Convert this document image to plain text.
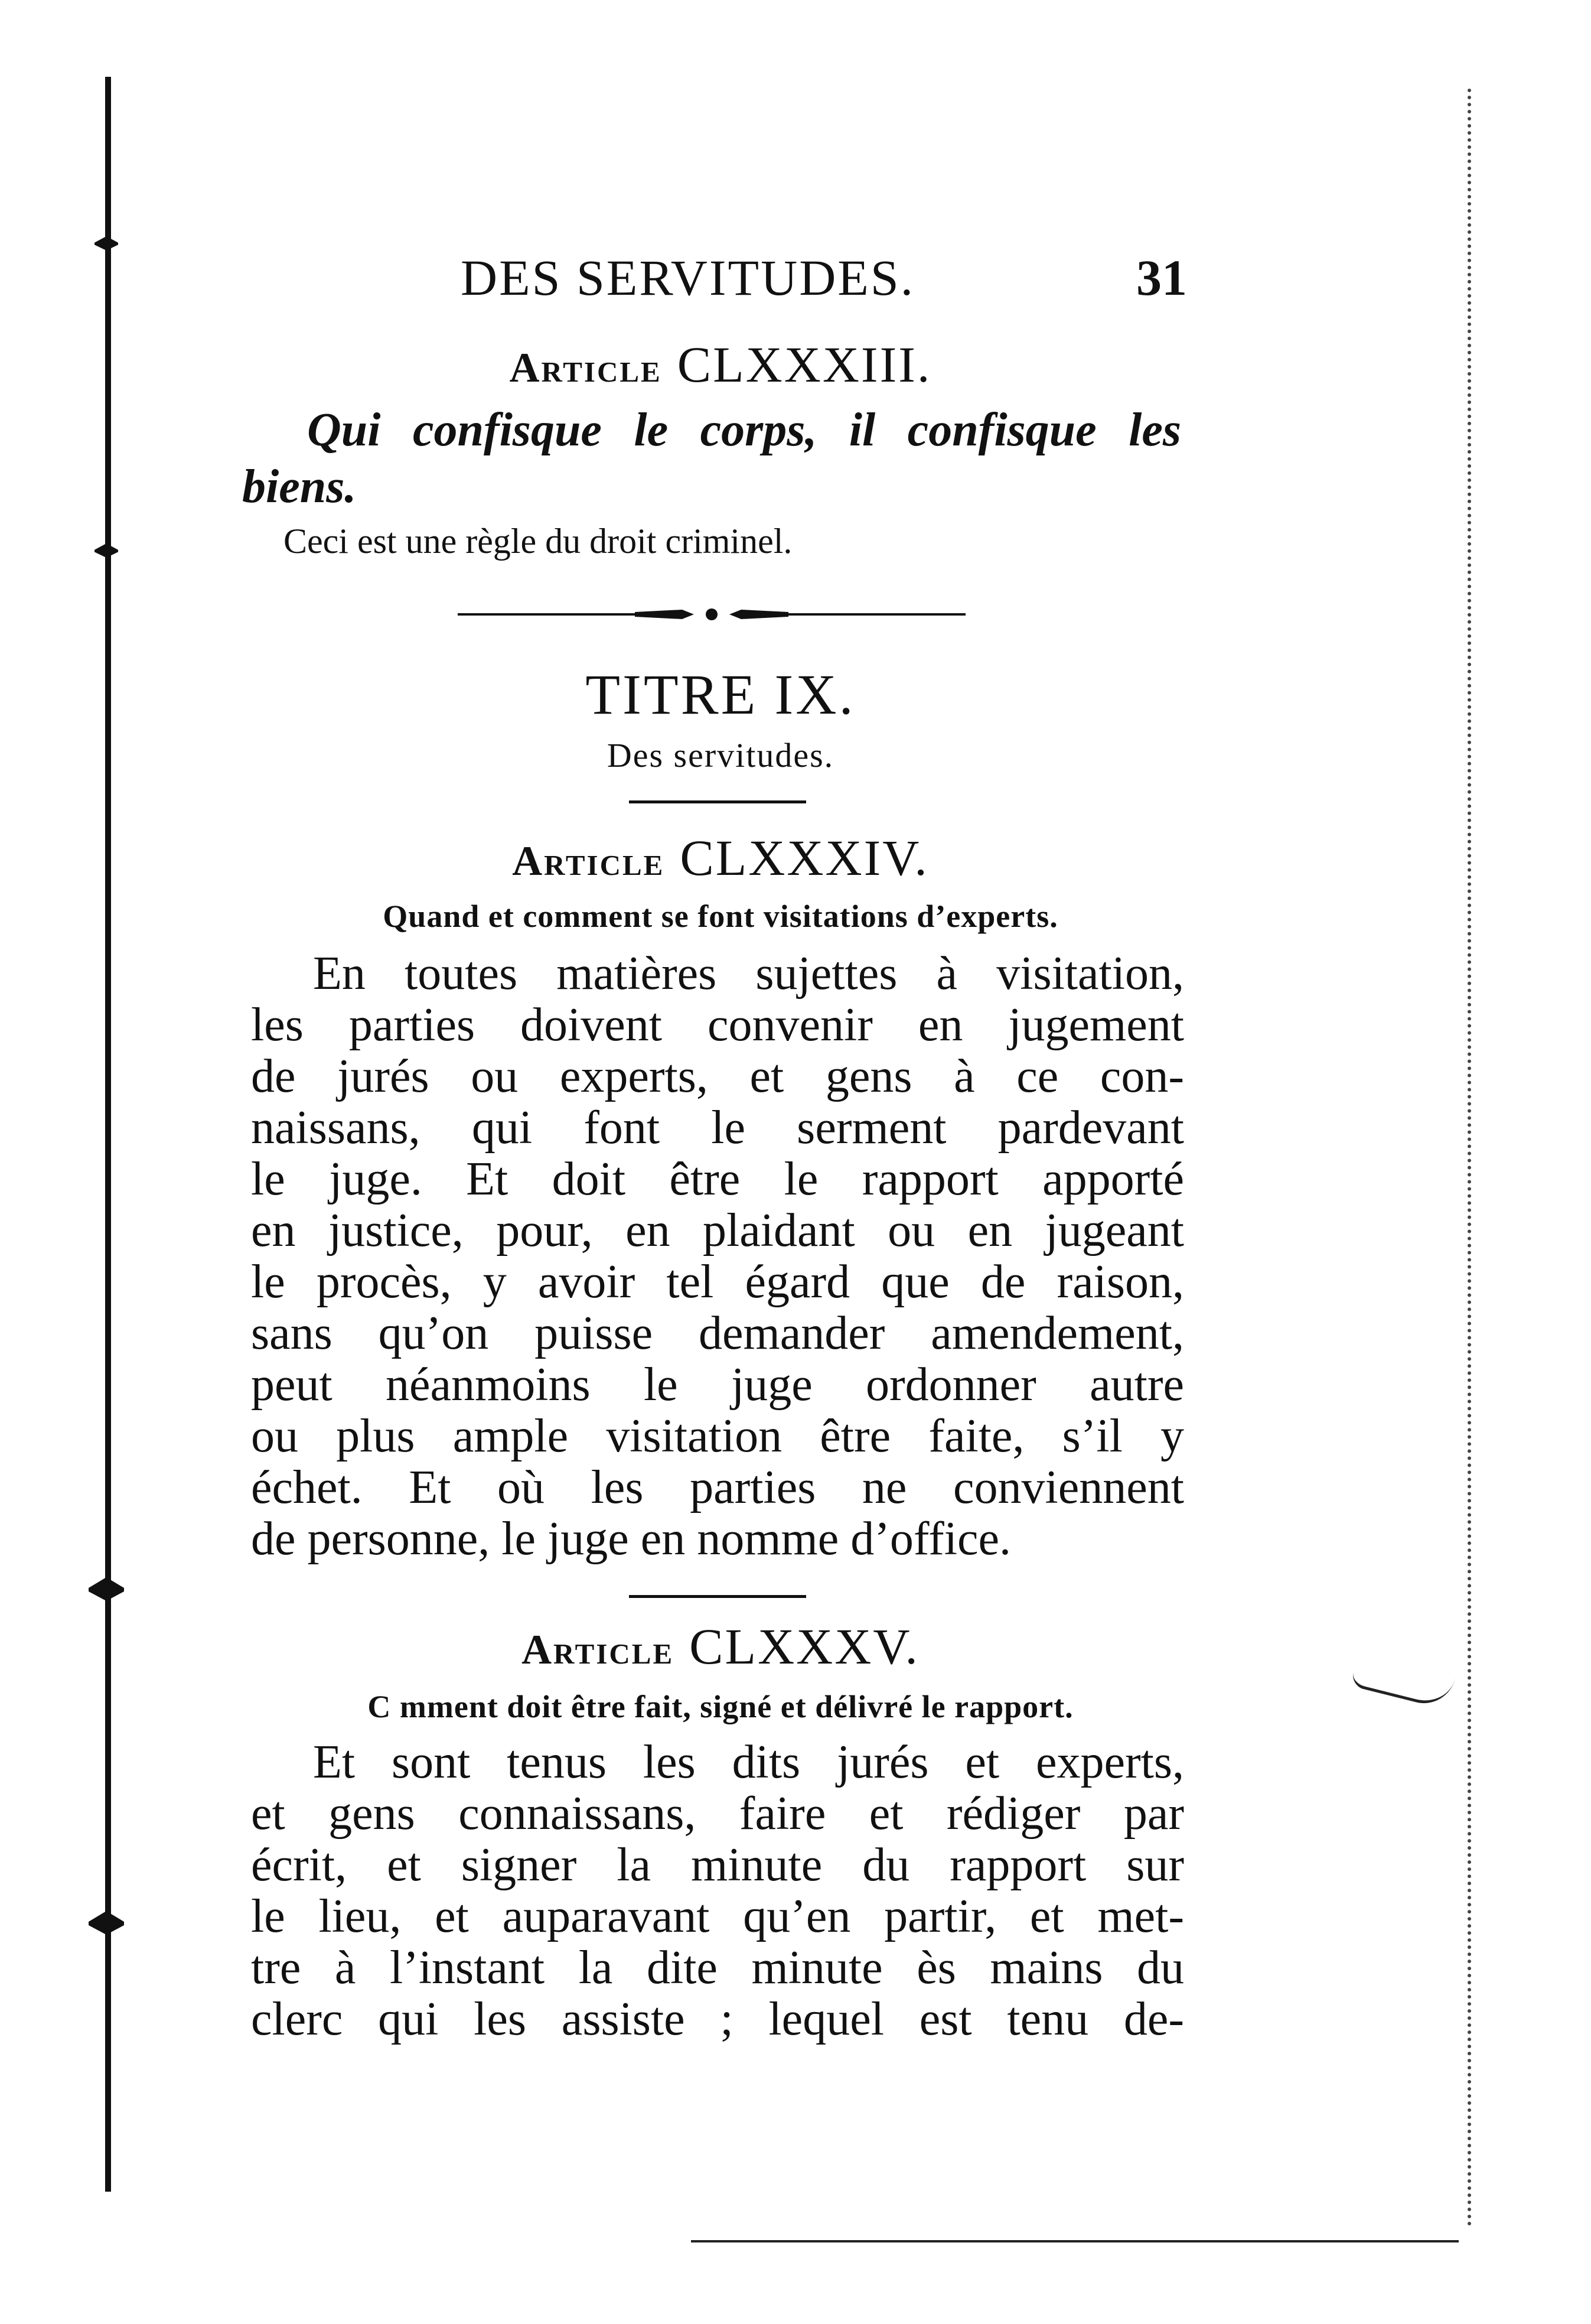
DES SERVITUDES.	31
Article CLXXXIII.
Qui confisque le corps, il confisque les biens.
Ceci est une règle du droit criminel.
TITRE IX.
Des servitudes.
Article CLXXXIV.
Quand et comment se font visitations d’experts.
En toutes matières sujettes à visitation,
les parties doivent convenir en jugement
de jurés ou experts, et gens à ce con-
naissans, qui font le serment pardevant
le juge. Et doit être le rapport apporté
en justice, pour, en plaidant ou en jugeant
le procès, y avoir tel égard que de raison,
sans qu’on puisse demander amendement,
peut néanmoins le juge ordonner autre
ou plus ample visitation être faite, s’il y
échet. Et où les parties ne conviennent
de personne, le juge en nomme d’office.
Article CLXXXV.
C mment doit être fait, signé et délivré le rapport.
Et sont tenus les dits jurés et experts,
et gens connaissans, faire et rédiger par
écrit, et signer la minute du rapport sur
le lieu, et auparavant qu’en partir, et met-
tre à l’instant la dite minute ès mains du
clerc qui les assiste ; lequel est tenu de-
